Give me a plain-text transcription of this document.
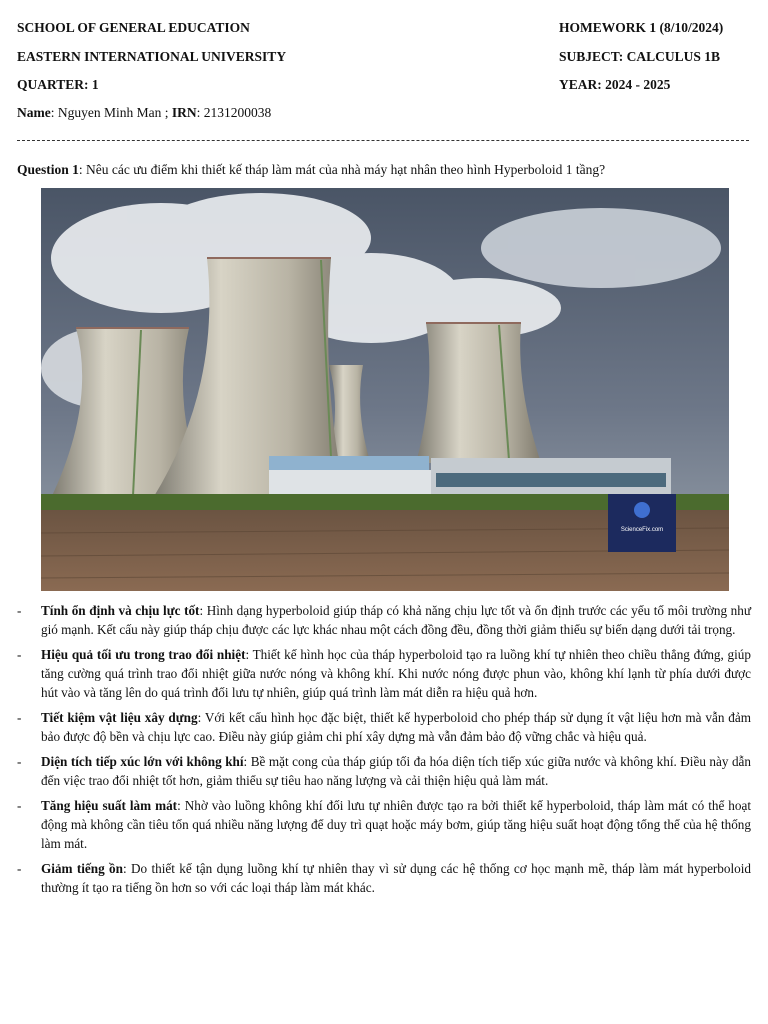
SCHOOL OF GENERAL EDUCATION	HOMEWORK 1 (8/10/2024)
EASTERN INTERNATIONAL UNIVERSITY	SUBJECT: CALCULUS 1B
QUARTER: 1	YEAR: 2024 - 2025
Name: Nguyen Minh Man ; IRN: 2131200038
Question 1: Nêu các ưu điểm khi thiết kế tháp làm mát của nhà máy hạt nhân theo hình Hyperboloid 1 tầng?
ScienceFix.com
- Tính ổn định và chịu lực tốt: Hình dạng hyperboloid giúp tháp có khả năng chịu lực tốt và ổn định trước các yếu tố môi trường như gió mạnh. Kết cấu này giúp tháp chịu được các lực khác nhau một cách đồng đều, đồng thời giảm thiểu sự biến dạng dưới tải trọng.
- Hiệu quả tối ưu trong trao đổi nhiệt: Thiết kế hình học của tháp hyperboloid tạo ra luồng khí tự nhiên theo chiều thẳng đứng, giúp tăng cường quá trình trao đổi nhiệt giữa nước nóng và không khí. Khi nước nóng được phun vào, không khí lạnh từ phía dưới được hút vào và tăng lên do quá trình đối lưu tự nhiên, giúp quá trình làm mát diễn ra hiệu quả hơn.
- Tiết kiệm vật liệu xây dựng: Với kết cấu hình học đặc biệt, thiết kế hyperboloid cho phép tháp sử dụng ít vật liệu hơn mà vẫn đảm bảo được độ bền và chịu lực cao. Điều này giúp giảm chi phí xây dựng mà vẫn đảm bảo độ vững chắc và hiệu quả.
- Diện tích tiếp xúc lớn với không khí: Bề mặt cong của tháp giúp tối đa hóa diện tích tiếp xúc giữa nước và không khí. Điều này dẫn đến việc trao đổi nhiệt tốt hơn, giảm thiểu sự tiêu hao năng lượng và cải thiện hiệu quả làm mát.
- Tăng hiệu suất làm mát: Nhờ vào luồng không khí đối lưu tự nhiên được tạo ra bởi thiết kế hyperboloid, tháp làm mát có thể hoạt động mà không cần tiêu tốn quá nhiều năng lượng để duy trì quạt hoặc máy bơm, giúp tăng hiệu suất hoạt động tổng thể của hệ thống làm mát.
- Giảm tiếng ồn: Do thiết kế tận dụng luồng khí tự nhiên thay vì sử dụng các hệ thống cơ học mạnh mẽ, tháp làm mát hyperboloid thường ít tạo ra tiếng ồn hơn so với các loại tháp làm mát khác.
